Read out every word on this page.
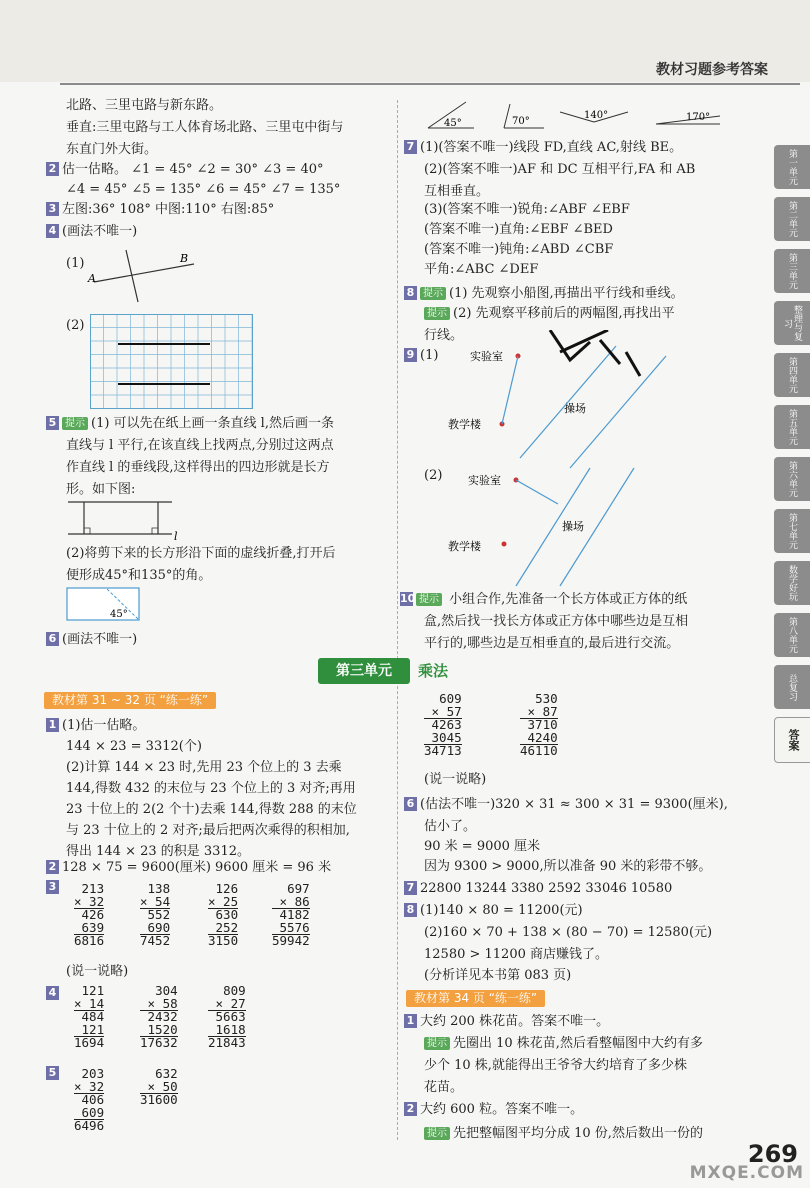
教材习题参考答案
北路、三里屯路与新东路。
垂直:三里屯路与工人体育场北路、三里屯中街与
东直门外大街。
2 估一估略。 ∠1 = 45° ∠2 = 30° ∠3 = 40°
∠4 = 45° ∠5 = 135° ∠6 = 45° ∠7 = 135°
3 左图:36° 108° 中图:110° 右图:85°
4 (画法不唯一)
(1)
(2)
5 提示 (1) 可以先在纸上画一条直线 l,然后画一条
直线与 l 平行,在该直线上找两点,分别过这两点
作直线 l 的垂线段,这样得出的四边形就是长方
形。如下图:
(2)将剪下来的长方形沿下面的虚线折叠,打开后
便形成45°和135°的角。
6 (画法不唯一)
1 (1)估一估略。
144 × 23 = 3312(个)
(2)计算 144 × 23 时,先用 23 个位上的 3 去乘
144,得数 432 的末位与 23 个位上的 3 对齐;再用
23 十位上的 2(2 个十)去乘 144,得数 288 的末位
与 23 十位上的 2 对齐;最后把两次乘得的积相加,
得出 144 × 23 的积是 3312。
2 128 × 75 = 9600(厘米) 9600 厘米 = 96 米
3
(说一说略)
4
5
7 (1)(答案不唯一)线段 FD,直线 AC,射线 BE。
(2)(答案不唯一)AF 和 DC 互相平行,FA 和 AB
互相垂直。
(3)(答案不唯一)锐角:∠ABF ∠EBF
(答案不唯一)直角:∠EBF ∠BED
(答案不唯一)钝角:∠ABD ∠CBF
平角:∠ABC ∠DEF
8 提示 (1) 先观察小船图,再描出平行线和垂线。
提示 (2) 先观察平移前后的两幅图,再找出平
行线。
9 (1)
(2)
10 提示 小组合作,先准备一个长方体或正方体的纸
盒,然后找一找长方体或正方体中哪些边是互相
平行的,哪些边是互相垂直的,最后进行交流。
(说一说略)
6 (估法不唯一)320 × 31 ≈ 300 × 31 = 9300(厘米),
估小了。
90 米 = 9000 厘米
因为 9300 > 9000,所以准备 90 米的彩带不够。
7 22800 13244 3380 2592 33046 10580
8 (1)140 × 80 = 11200(元)
(2)160 × 70 + 138 × (80 − 70) = 12580(元)
12580 > 11200 商店赚钱了。
(分析详见本书第 083 页)
1 大约 200 株花苗。答案不唯一。
提示 先圈出 10 株花苗,然后看整幅图中大约有多
少个 10 株,就能得出王爷爷大约培育了多少株
花苗。
2 大约 600 粒。答案不唯一。
提示 先把整幅图平均分成 10 份,然后数出一份的
213
× 32
426
639
6816
138
× 54
552
690
7452
126
× 25
630
252
3150
697
× 86
4182
5576
59942
121
× 14
484
121
1694
304
× 58
2432
1520
17632
809
× 27
5663
1618
21843
203
× 32
406
609
6496
632
× 50
31600
609
× 57
4263
3045
34713
530
× 87
3710
4240
46110
A
B
l
45°
45°	70°
140°	170°
实验室
教学楼
操场
实验室
教学楼
操场
第三单元	乘法
教材第 31 ~ 32 页 “练一练”
教材第 34 页 “练一练”
第一单元
第二单元
第三单元
整理与复习
第四单元
第五单元
第六单元
第七单元
数学好玩
第八单元
总复习
答案
269
MXQE.COM
